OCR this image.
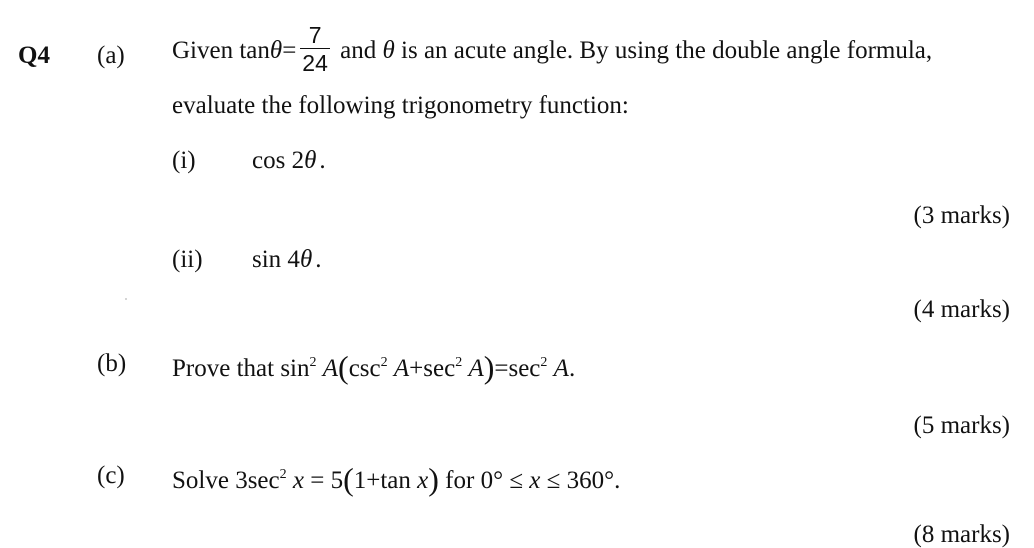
Q4 (a) Given $\tan\theta= \frac{7}{24}$ and θ is an acute angle. By using the double angle formula,
evaluate the following trigonometry function:
(i) cos 2θ .
(3 marks)
(ii) sin 4θ .
(4 marks)
(b) Prove that $\sin^2 A(\csc^2$ $A+\sec^2$ $A)=\sec^2$ A.
(5 marks)
(c) Solve $3\sec^2$ x = 5(1+tan x) for 0° ≤ x ≤ 360°.
(8 marks)
